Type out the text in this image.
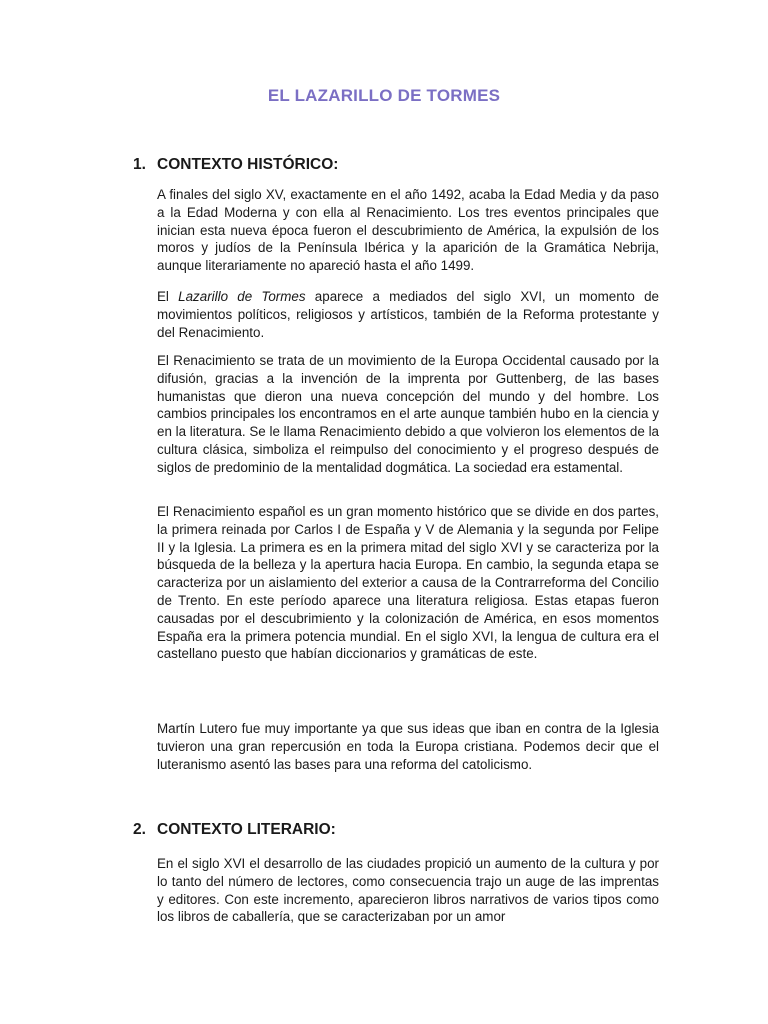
EL LAZARILLO DE TORMES
1. CONTEXTO HISTÓRICO:

A finales del siglo XV, exactamente en el año 1492, acaba la Edad Media y da paso a la Edad Moderna y con ella al Renacimiento. Los tres eventos principales que inician esta nueva época fueron el descubrimiento de América, la expulsión de los moros y judíos de la Península Ibérica y la aparición de la Gramática Nebrija, aunque literariamente no apareció hasta el año 1499.

El Lazarillo de Tormes aparece a mediados del siglo XVI, un momento de movimientos políticos, religiosos y artísticos, también de la Reforma protestante y del Renacimiento.

El Renacimiento se trata de un movimiento de la Europa Occidental causado por la difusión, gracias a la invención de la imprenta por Guttenberg, de las bases humanistas que dieron una nueva concepción del mundo y del hombre. Los cambios principales los encontramos en el arte aunque también hubo en la ciencia y en la literatura. Se le llama Renacimiento debido a que volvieron los elementos de la cultura clásica, simboliza el reimpulso del conocimiento y el progreso después de siglos de predominio de la mentalidad dogmática. La sociedad era estamental.

El Renacimiento español es un gran momento histórico que se divide en dos partes, la primera reinada por Carlos I de España y V de Alemania y la segunda por Felipe II y la Iglesia. La primera es en la primera mitad del siglo XVI y se caracteriza por la búsqueda de la belleza y la apertura hacia Europa. En cambio, la segunda etapa se caracteriza por un aislamiento del exterior a causa de la Contrarreforma del Concilio de Trento. En este período aparece una literatura religiosa. Estas etapas fueron causadas por el descubrimiento y la colonización de América, en esos momentos España era la primera potencia mundial. En el siglo XVI, la lengua de cultura era el castellano puesto que habían diccionarios y gramáticas de este.

Martín Lutero fue muy importante ya que sus ideas que iban en contra de la Iglesia tuvieron una gran repercusión en toda la Europa cristiana. Podemos decir que el luteranismo asentó las bases para una reforma del catolicismo.

2. CONTEXTO LITERARIO:

En el siglo XVI el desarrollo de las ciudades propició un aumento de la cultura y por lo tanto del número de lectores, como consecuencia trajo un auge de las imprentas y editores. Con este incremento, aparecieron libros narrativos de varios tipos como los libros de caballería, que se caracterizaban por un amor
